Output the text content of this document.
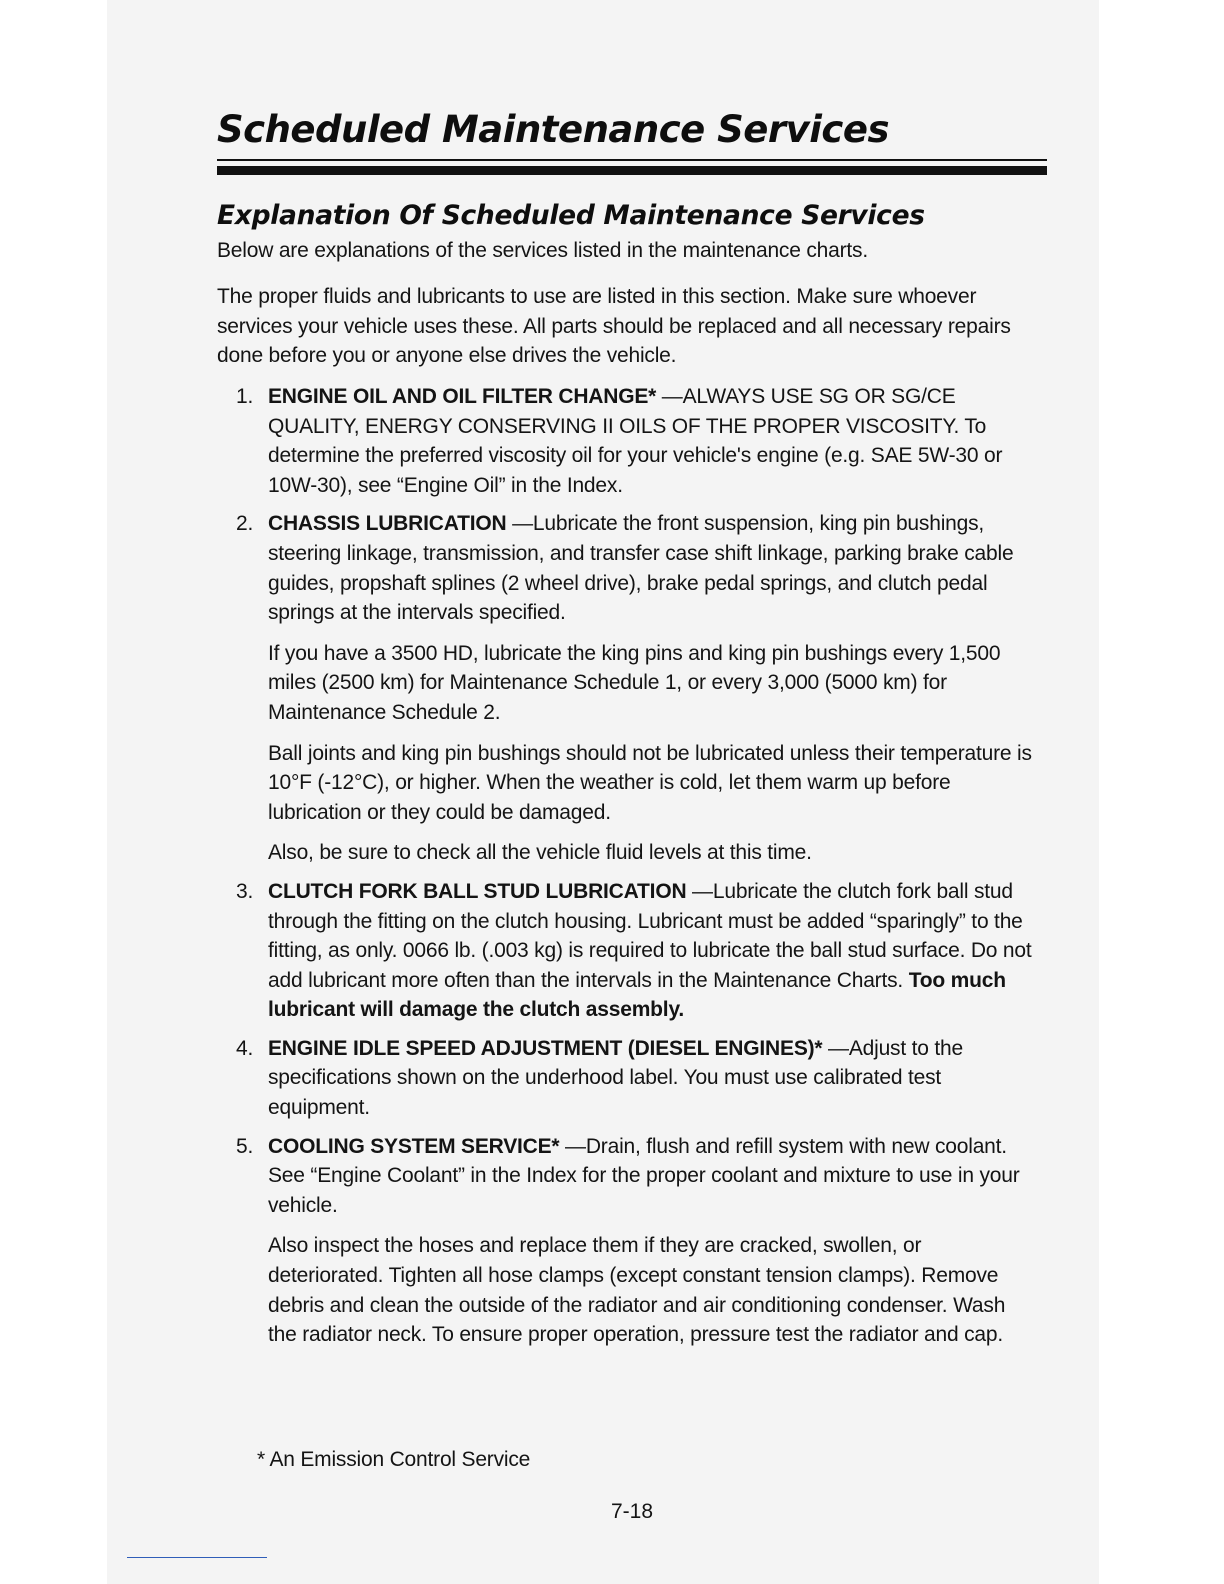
Scheduled Maintenance Services
Explanation Of Scheduled Maintenance Services

Below are explanations of the services listed in the maintenance charts.

The proper fluids and lubricants to use are listed in this section. Make sure whoever services your vehicle uses these. All parts should be replaced and all necessary repairs done before you or anyone else drives the vehicle.

1. ENGINE OIL AND OIL FILTER CHANGE* —ALWAYS USE SG OR SG/CE QUALITY, ENERGY CONSERVING II OILS OF THE PROPER VISCOSITY. To determine the preferred viscosity oil for your vehicle's engine (e.g. SAE 5W-30 or 10W-30), see “Engine Oil” in the Index.

2. CHASSIS LUBRICATION —Lubricate the front suspension, king pin bushings, steering linkage, transmission, and transfer case shift linkage, parking brake cable guides, propshaft splines (2 wheel drive), brake pedal springs, and clutch pedal springs at the intervals specified.

If you have a 3500 HD, lubricate the king pins and king pin bushings every 1,500 miles (2500 km) for Maintenance Schedule 1, or every 3,000 (5000 km) for Maintenance Schedule 2.

Ball joints and king pin bushings should not be lubricated unless their temperature is 10°F (-12°C), or higher. When the weather is cold, let them warm up before lubrication or they could be damaged.

Also, be sure to check all the vehicle fluid levels at this time.

3. CLUTCH FORK BALL STUD LUBRICATION —Lubricate the clutch fork ball stud through the fitting on the clutch housing. Lubricant must be added “sparingly” to the fitting, as only. 0066 lb. (.003 kg) is required to lubricate the ball stud surface. Do not add lubricant more often than the intervals in the Maintenance Charts. Too much lubricant will damage the clutch assembly.

4. ENGINE IDLE SPEED ADJUSTMENT (DIESEL ENGINES)* —Adjust to the specifications shown on the underhood label. You must use calibrated test equipment.

5. COOLING SYSTEM SERVICE* —Drain, flush and refill system with new coolant. See “Engine Coolant” in the Index for the proper coolant and mixture to use in your vehicle.

Also inspect the hoses and replace them if they are cracked, swollen, or deteriorated. Tighten all hose clamps (except constant tension clamps). Remove debris and clean the outside of the radiator and air conditioning condenser. Wash the radiator neck. To ensure proper operation, pressure test the radiator and cap.

* An Emission Control Service

7-18
